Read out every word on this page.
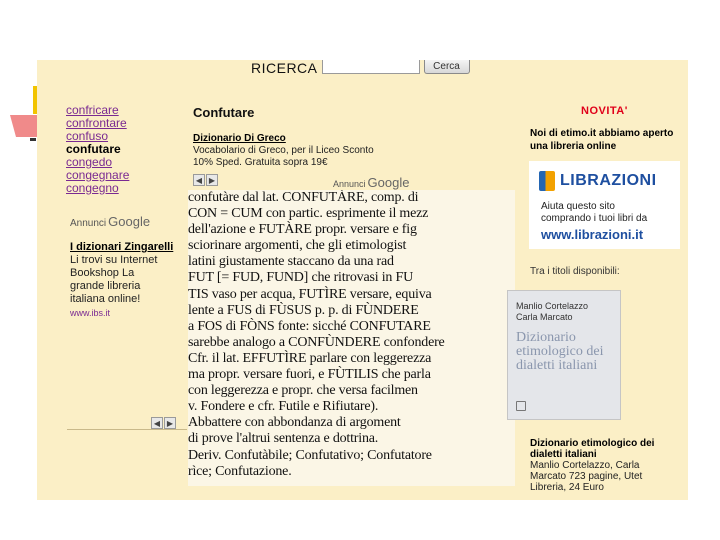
RICERCA	Cerca
confricare
confrontare
confuso
confutare
congedo
congegnare
congegno
Annunci Google
I dizionari Zingarelli
Li trovi su Internet Bookshop La
grande libreria
italiana online!
www.ibs.it
◀ ▶
Confutare
Dizionario Di Greco
Vocabolario di Greco, per il Liceo Sconto
10% Sped. Gratuita sopra 19€
◀ ▶	Annunci Google
confutàre dal lat. CONFUTÀRE, comp. di
CON = CUM con partic. esprimente il mezz
dell'azione e FUTÀRE propr. versare e fig
sciorinare argomenti, che gli etimologist
latini giustamente staccano da una rad
FUT [= FUD, FUND] che ritrovasi in FU
TIS vaso per acqua, FUTÌRE versare, equiva
lente a FUS di FÙSUS p. p. di FÙNDERE
a FOS di FÒNS fonte: sicché CONFUTARE
sarebbe analogo a CONFÙNDERE confondere
Cfr. il lat. EFFUTÌRE parlare con leggerezza
ma propr. versare fuori, e FÙTILIS che parla
con leggerezza e propr. che versa facilmen
v. Fondere e cfr. Futile e Rifiutare).
Abbattere con abbondanza di argoment
di prove l'altrui sentenza e dottrina.
Deriv. Confutàbile; Confutativo; Confutatore
rìce; Confutazione.
NOVITA'
Noi di etimo.it abbiamo aperto una libreria online
LIBRAZIONI
Aiuta questo sito
comprando i tuoi libri da
www.librazioni.it
Tra i titoli disponibili:
Manlio Cortelazzo
Carla Marcato
Dizionario etimologico dei dialetti italiani
Dizionario etimologico dei dialetti italiani
Manlio Cortelazzo, Carla Marcato 723 pagine, Utet Libreria, 24 Euro
